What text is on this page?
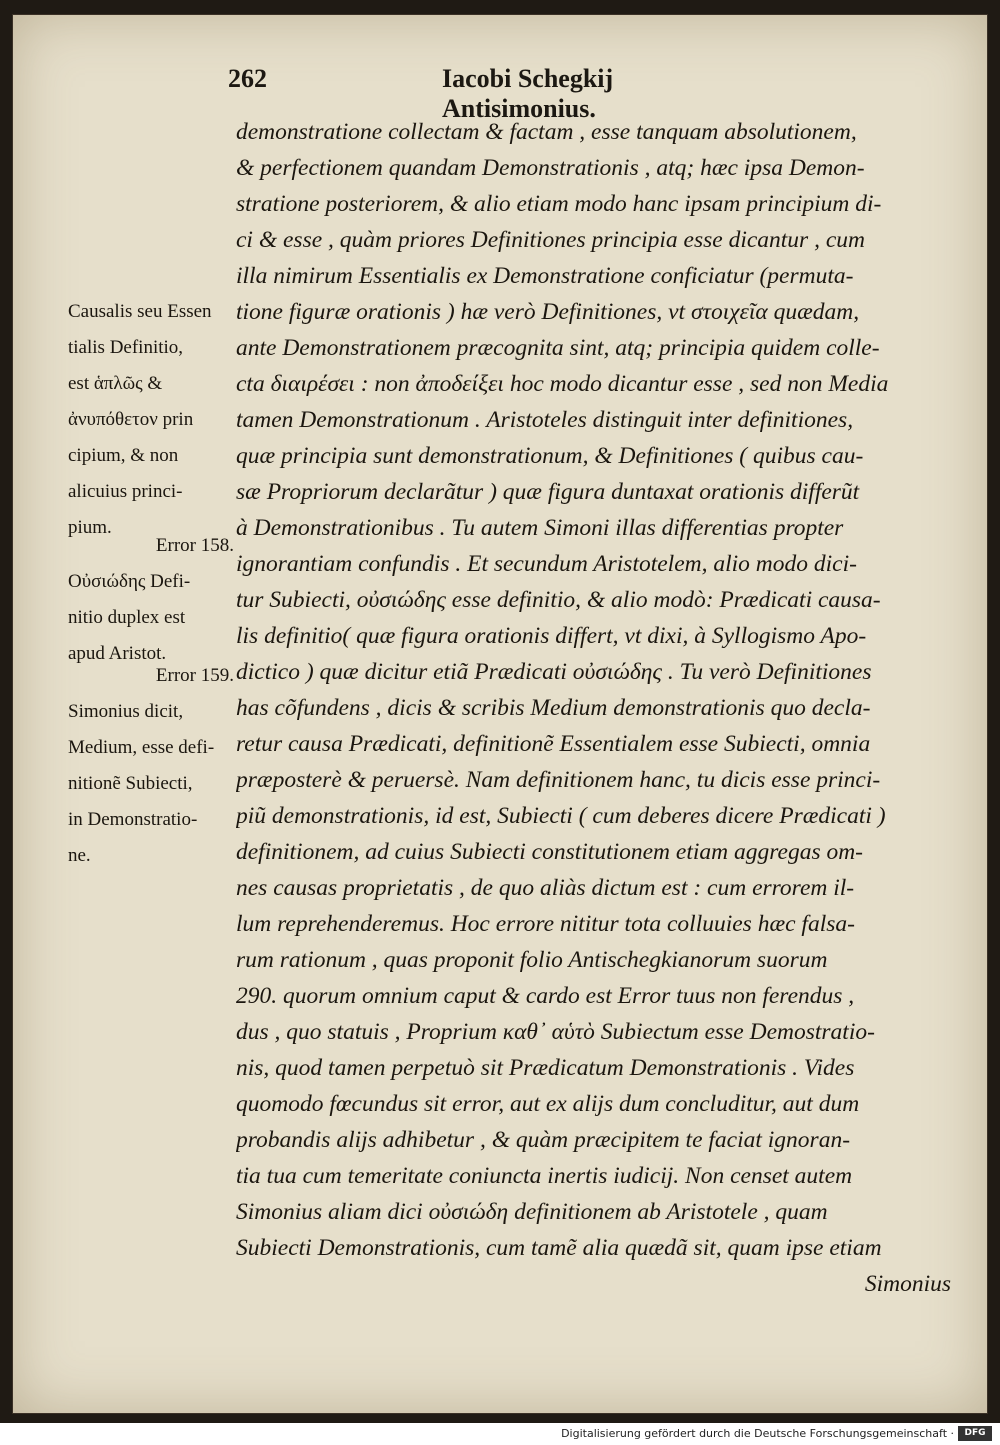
262	Iacobi Schegkij Antisimonius.
demonstratione collectam & factam , esse tanquam absolutionem,
& perfectionem quandam Demonstrationis , atq; hæc ipsa Demon-
stratione posteriorem, & alio etiam modo hanc ipsam principium di-
ci & esse , quàm priores Definitiones principia esse dicantur , cum
illa nimirum Essentialis ex Demonstratione conficiatur (permuta-
tione figuræ orationis ) hæ verò Definitiones, vt στοιχεῖα quædam,
ante Demonstrationem præcognita sint, atq; principia quidem colle-
cta διαιρέσει : non ἀποδείξει hoc modo dicantur esse , sed non Media
tamen Demonstrationum . Aristoteles distinguit inter definitiones,
quæ principia sunt demonstrationum, & Definitiones ( quibus cau-
sæ Propriorum declarãtur ) quæ figura duntaxat orationis differũt
à Demonstrationibus . Tu autem Simoni illas differentias propter
ignorantiam confundis . Et secundum Aristotelem, alio modo dici-
tur Subiecti, οὐσιώδης esse definitio, & alio modò: Prædicati causa-
lis definitio( quæ figura orationis differt, vt dixi, à Syllogismo Apo-
dictico ) quæ dicitur etiã Prædicati οὐσιώδης . Tu verò Definitiones
has cõfundens , dicis & scribis Medium demonstrationis quo decla-
retur causa Prædicati, definitionẽ Essentialem esse Subiecti, omnia
præposterè & peruersè. Nam definitionem hanc, tu dicis esse princi-
piũ demonstrationis, id est, Subiecti ( cum deberes dicere Prædicati )
definitionem, ad cuius Subiecti constitutionem etiam aggregas om-
nes causas proprietatis , de quo aliàs dictum est : cum errorem il-
lum reprehenderemus. Hoc errore nititur tota colluuies hæc falsa-
rum rationum , quas proponit folio Antischegkianorum suorum
290. quorum omnium caput & cardo est Error tuus non ferendus ,
dus , quo statuis , Proprium καθ᾽ αὑτὸ Subiectum esse Demostratio-
nis, quod tamen perpetuò sit Prædicatum Demonstrationis . Vides
quomodo fœcundus sit error, aut ex alijs dum concluditur, aut dum
probandis alijs adhibetur , & quàm præcipitem te faciat ignoran-
tia tua cum temeritate coniuncta inertis iudicij. Non censet autem
Simonius aliam dici οὐσιώδη definitionem ab Aristotele , quam
Subiecti Demonstrationis, cum tamẽ alia quædã sit, quam ipse etiam
Simonius
Causalis seu Essen
tialis Definitio,
est ἁπλῶς &
ἀνυπόθετον prin
cipium, & non
alicuius princi-
pium.
Error 158.
Οὐσιώδης Defi-
nitio duplex est
apud Aristot.
Error 159.
Simonius dicit,
Medium, esse defi-
nitionẽ Subiecti,
in Demonstratio-
ne.
Digitalisierung gefördert durch die Deutsche Forschungsgemeinschaft ·	DFG
